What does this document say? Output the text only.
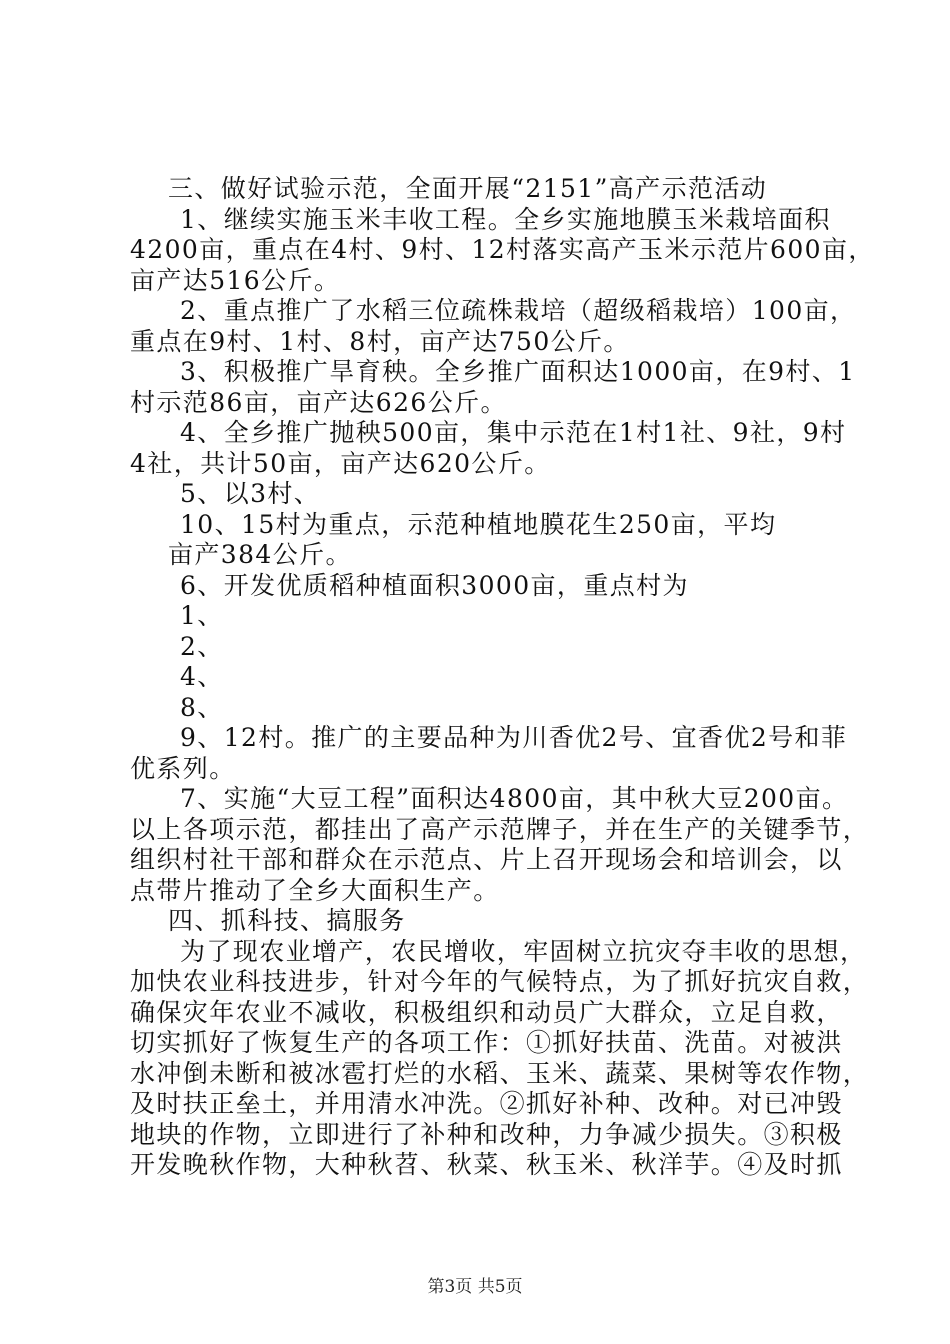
三、做好试验示范，全面开展“2151”高产示范活动
1、继续实施玉米丰收工程。全乡实施地膜玉米栽培面积
4200亩，重点在4村、9村、12村落实高产玉米示范片600亩，
亩产达516公斤。
2、重点推广了水稻三位疏株栽培（超级稻栽培）100亩，
重点在9村、1村、8村，亩产达750公斤。
3、积极推广旱育秧。全乡推广面积达1000亩，在9村、1
村示范86亩，亩产达626公斤。
4、全乡推广抛秧500亩，集中示范在1村1社、9社，9村
4社，共计50亩，亩产达620公斤。
5、以3村、
10、15村为重点，示范种植地膜花生250亩，平均
亩产384公斤。
6、开发优质稻种植面积3000亩，重点村为
1、
2、
4、
8、
9、12村。推广的主要品种为川香优2号、宜香优2号和菲
优系列。
7、实施“大豆工程”面积达4800亩，其中秋大豆200亩。
以上各项示范，都挂出了高产示范牌子，并在生产的关键季节，
组织村社干部和群众在示范点、片上召开现场会和培训会，以
点带片推动了全乡大面积生产。
四、抓科技、搞服务
为了现农业增产，农民增收，牢固树立抗灾夺丰收的思想，
加快农业科技进步，针对今年的气候特点，为了抓好抗灾自救，
确保灾年农业不减收，积极组织和动员广大群众，立足自救，
切实抓好了恢复生产的各项工作：①抓好扶苗、洗苗。对被洪
水冲倒未断和被冰雹打烂的水稻、玉米、蔬菜、果树等农作物，
及时扶正垒土，并用清水冲洗。②抓好补种、改种。对已冲毁
地块的作物，立即进行了补种和改种，力争减少损失。③积极
开发晚秋作物，大种秋苕、秋菜、秋玉米、秋洋芋。④及时抓
第3页 共5页
